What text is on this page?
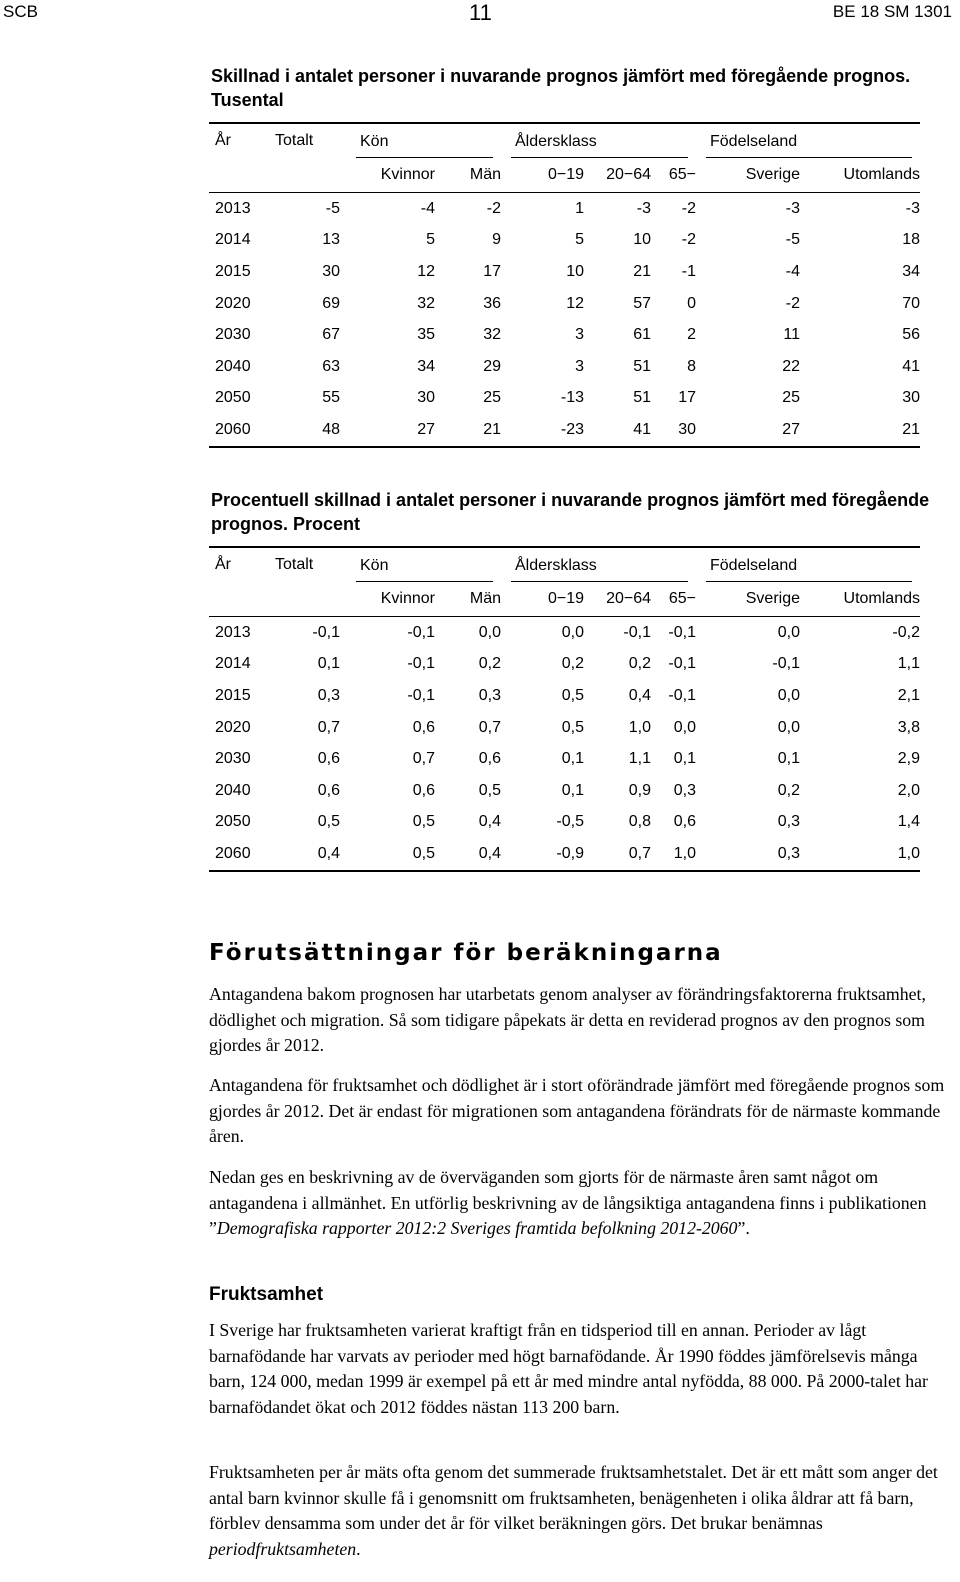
SCB	11	BE 18 SM 1301
Skillnad i antalet personer i nuvarande prognos jämfört med föregående prognos. Tusental
År	Totalt	Kön		Åldersklass			Födelseland	

		Kvinnor	Män	0−19	20−64	65−	Sverige	Utomlands
2013	-5	-4	-2	1	-3	-2	-3	-3
2014	13	5	9	5	10	-2	-5	18
2015	30	12	17	10	21	-1	-4	34
2020	69	32	36	12	57	0	-2	70
2030	67	35	32	3	61	2	11	56
2040	63	34	29	3	51	8	22	41
2050	55	30	25	-13	51	17	25	30
2060	48	27	21	-23	41	30	27	21
Procentuell skillnad i antalet personer i nuvarande prognos jämfört med föregående prognos. Procent
År	Totalt	Kön		Åldersklass			Födelseland	

		Kvinnor	Män	0−19	20−64	65−	Sverige	Utomlands
2013	-0,1	-0,1	0,0	0,0	-0,1	-0,1	0,0	-0,2
2014	0,1	-0,1	0,2	0,2	0,2	-0,1	-0,1	1,1
2015	0,3	-0,1	0,3	0,5	0,4	-0,1	0,0	2,1
2020	0,7	0,6	0,7	0,5	1,0	0,0	0,0	3,8
2030	0,6	0,7	0,6	0,1	1,1	0,1	0,1	2,9
2040	0,6	0,6	0,5	0,1	0,9	0,3	0,2	2,0
2050	0,5	0,5	0,4	-0,5	0,8	0,6	0,3	1,4
2060	0,4	0,5	0,4	-0,9	0,7	1,0	0,3	1,0
Förutsättningar för beräkningarna
Antagandena bakom prognosen har utarbetats genom analyser av förändringsfaktorerna fruktsamhet, dödlighet och migration. Så som tidigare påpekats är detta en reviderad prognos av den prognos som gjordes år 2012.
Antagandena för fruktsamhet och dödlighet är i stort oförändrade jämfört med föregående prognos som gjordes år 2012. Det är endast för migrationen som antagandena förändrats för de närmaste kommande åren.
Nedan ges en beskrivning av de överväganden som gjorts för de närmaste åren samt något om antagandena i allmänhet. En utförlig beskrivning av de långsiktiga antagandena finns i publikationen ”Demografiska rapporter 2012:2 Sveriges framtida befolkning 2012-2060”.
Fruktsamhet
I Sverige har fruktsamheten varierat kraftigt från en tidsperiod till en annan. Perioder av lågt barnafödande har varvats av perioder med högt barnafödande. År 1990 föddes jämförelsevis många barn, 124 000, medan 1999 är exempel på ett år med mindre antal nyfödda, 88 000. På 2000-talet har barnafödandet ökat och 2012 föddes nästan 113 200 barn.
Fruktsamheten per år mäts ofta genom det summerade fruktsamhetstalet. Det är ett mått som anger det antal barn kvinnor skulle få i genomsnitt om fruktsamheten, benägenheten i olika åldrar att få barn, förblev densamma som under det år för vilket beräkningen görs. Det brukar benämnas periodfruktsamheten.
